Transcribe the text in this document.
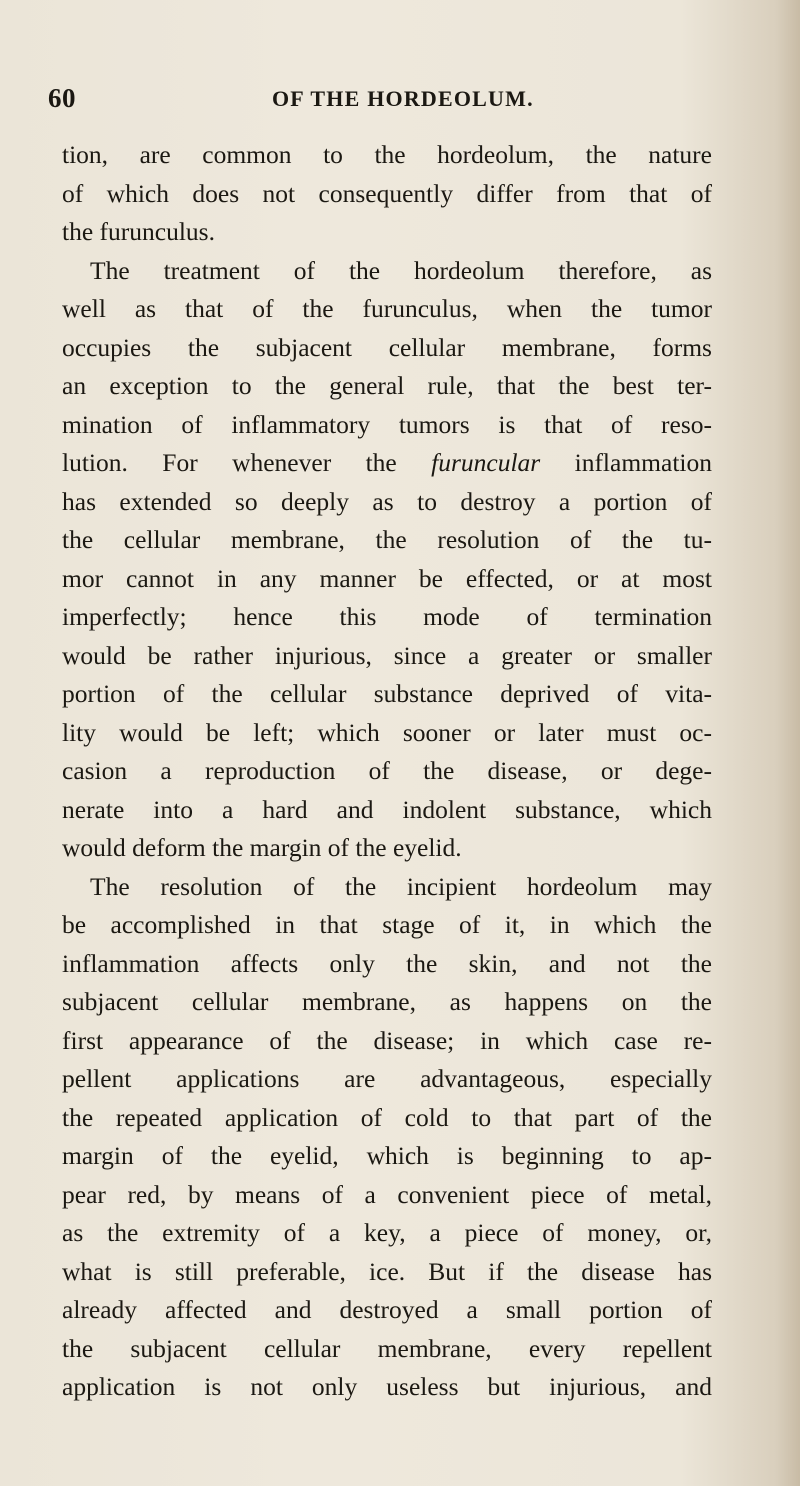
60	OF THE HORDEOLUM.
tion, are common to the hordeolum, the nature
of which does not consequently differ from that of
the furunculus.
The treatment of the hordeolum therefore, as
well as that of the furunculus, when the tumor
occupies the subjacent cellular membrane, forms
an exception to the general rule, that the best ter-
mination of inflammatory tumors is that of reso-
lution. For whenever the furuncular inflammation
has extended so deeply as to destroy a portion of
the cellular membrane, the resolution of the tu-
mor cannot in any manner be effected, or at most
imperfectly; hence this mode of termination
would be rather injurious, since a greater or smaller
portion of the cellular substance deprived of vita-
lity would be left; which sooner or later must oc-
casion a reproduction of the disease, or dege-
nerate into a hard and indolent substance, which
would deform the margin of the eyelid.
The resolution of the incipient hordeolum may
be accomplished in that stage of it, in which the
inflammation affects only the skin, and not the
subjacent cellular membrane, as happens on the
first appearance of the disease; in which case re-
pellent applications are advantageous, especially
the repeated application of cold to that part of the
margin of the eyelid, which is beginning to ap-
pear red, by means of a convenient piece of metal,
as the extremity of a key, a piece of money, or,
what is still preferable, ice. But if the disease has
already affected and destroyed a small portion of
the subjacent cellular membrane, every repellent
application is not only useless but injurious, and
